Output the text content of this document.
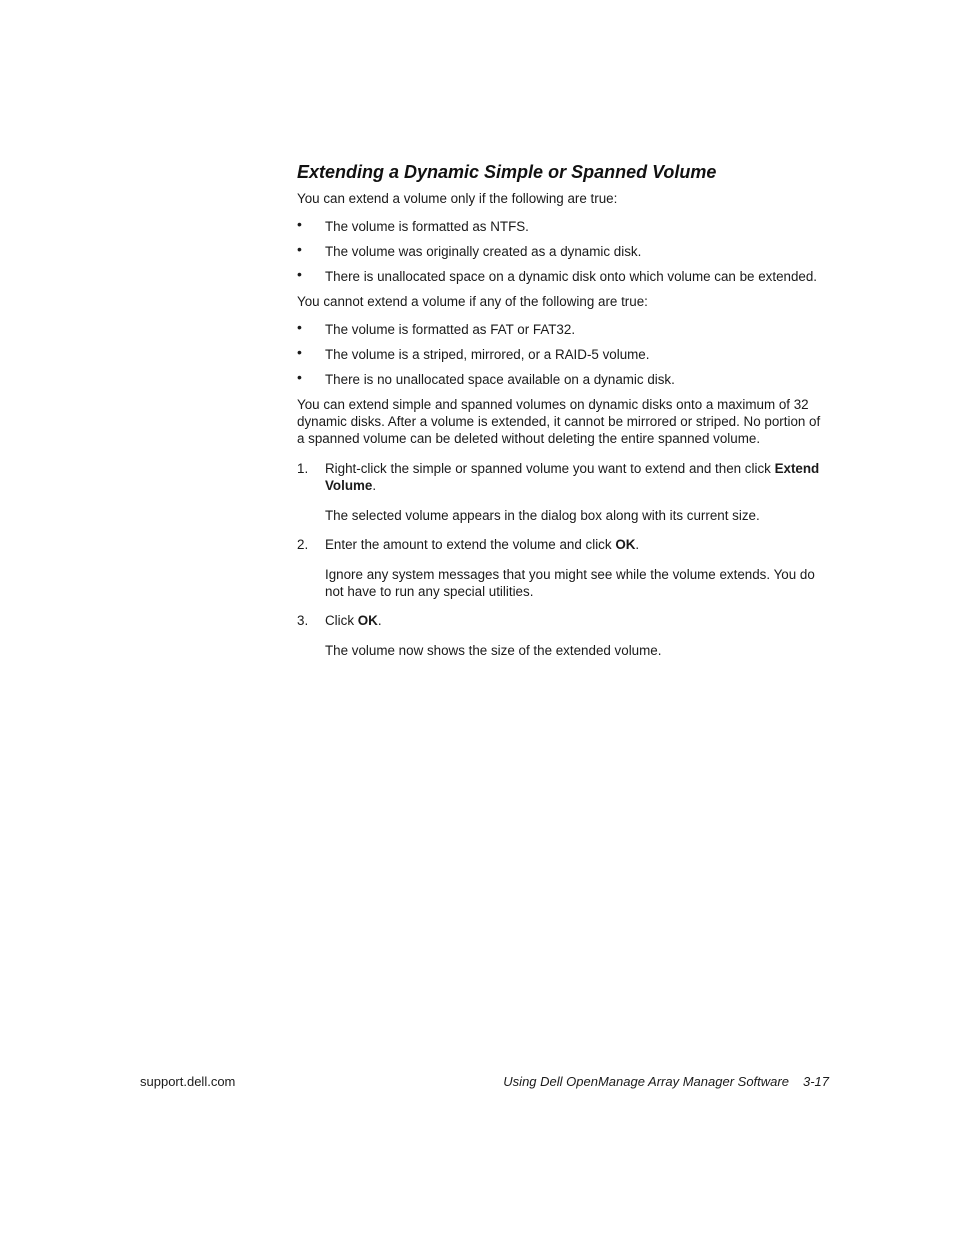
Extending a Dynamic Simple or Spanned Volume

You can extend a volume only if the following are true:

• The volume is formatted as NTFS.
• The volume was originally created as a dynamic disk.
• There is unallocated space on a dynamic disk onto which volume can be extended.

You cannot extend a volume if any of the following are true:

• The volume is formatted as FAT or FAT32.
• The volume is a striped, mirrored, or a RAID-5 volume.
• There is no unallocated space available on a dynamic disk.

You can extend simple and spanned volumes on dynamic disks onto a maximum of 32 dynamic disks. After a volume is extended, it cannot be mirrored or striped. No portion of a spanned volume can be deleted without deleting the entire spanned volume.

1. Right-click the simple or spanned volume you want to extend and then click Extend Volume.

The selected volume appears in the dialog box along with its current size.

2. Enter the amount to extend the volume and click OK.

Ignore any system messages that you might see while the volume extends. You do not have to run any special utilities.

3. Click OK.

The volume now shows the size of the extended volume.

support.dell.com	Using Dell OpenManage Array Manager Software 3-17
